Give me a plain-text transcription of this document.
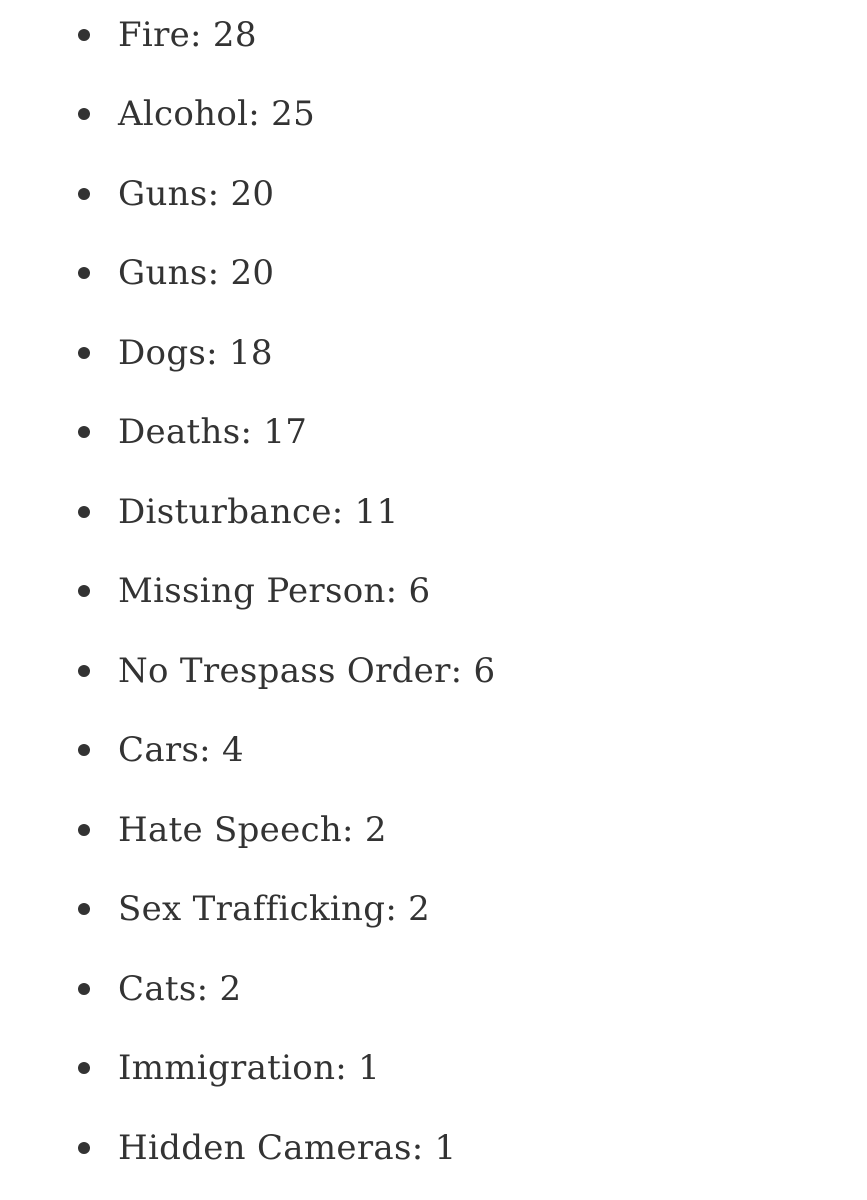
Fire: 28
Alcohol: 25
Guns: 20
Guns: 20
Dogs: 18
Deaths: 17
Disturbance: 11
Missing Person: 6
No Trespass Order: 6
Cars: 4
Hate Speech: 2
Sex Trafficking: 2
Cats: 2
Immigration: 1
Hidden Cameras: 1
